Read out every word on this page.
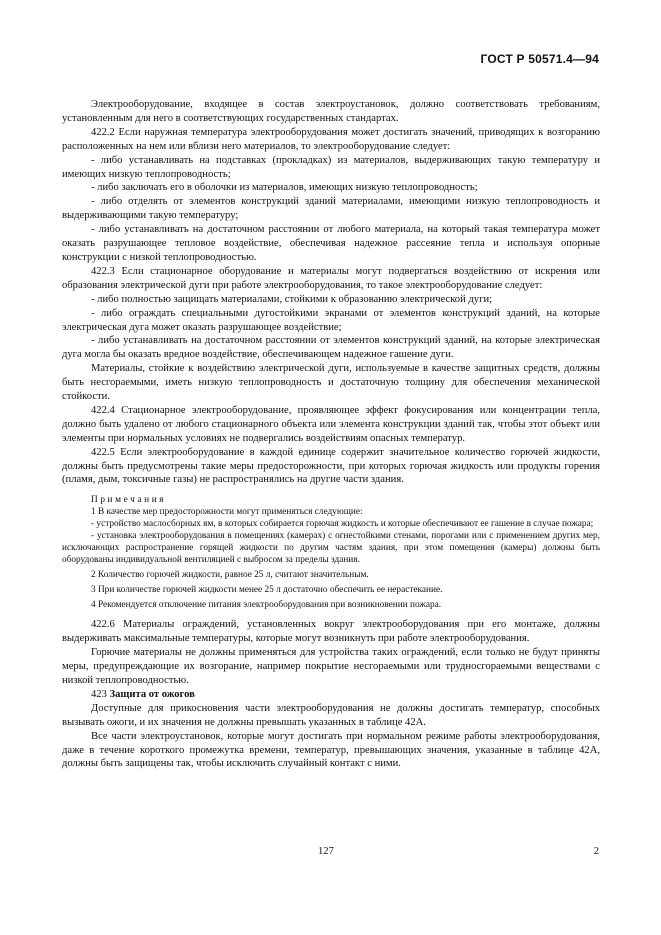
ГОСТ Р 50571.4—94

Электрооборудование, входящее в состав электроустановок, должно соответствовать требованиям, установленным для него в соответствующих государственных стандартах.

422.2 Если наружная температура электрооборудования может достигать значений, приводящих к возгоранию расположенных на нем или вблизи него материалов, то электрооборудование следует:

- либо устанавливать на подставках (прокладках) из материалов, выдерживающих такую температуру и имеющих низкую теплопроводность;

- либо заключать его в оболочки из материалов, имеющих низкую теплопроводность;

- либо отделять от элементов конструкций зданий материалами, имеющими низкую теплопроводность и выдерживающими такую температуру;

- либо устанавливать на достаточном расстоянии от любого материала, на который такая температура может оказать разрушающее тепловое воздействие, обеспечивая надежное рассеяние тепла и используя опорные конструкции с низкой теплопроводностью.

422.3 Если стационарное оборудование и материалы могут подвергаться воздействию от искрения или образования электрической дуги при работе электрооборудования, то такое электрооборудование следует:

- либо полностью защищать материалами, стойкими к образованию электрической дуги;

- либо ограждать специальными дугостойкими экранами от элементов конструкций зданий, на которые электрическая дуга может оказать разрушающее воздействие;

- либо устанавливать на достаточном расстоянии от элементов конструкций зданий, на которые электрическая дуга могла бы оказать вредное воздействие, обеспечивающем надежное гашение дуги.

Материалы, стойкие к воздействию электрической дуги, используемые в качестве защитных средств, должны быть несгораемыми, иметь низкую теплопроводность и достаточную толщину для обеспечения механической стойкости.

422.4 Стационарное электрооборудование, проявляющее эффект фокусирования или концентрации тепла, должно быть удалено от любого стационарного объекта или элемента конструкции зданий так, чтобы этот объект или элементы при нормальных условиях не подвергались воздействиям опасных температур.

422.5 Если электрооборудование в каждой единице содержит значительное количество горючей жидкости, должны быть предусмотрены такие меры предосторожности, при которых горючая жидкость или продукты горения (пламя, дым, токсичные газы) не распространялись на другие части здания.

Примечания

1 В качестве мер предосторожности могут применяться следующие:

- устройство маслосборных ям, в которых собирается горючая жидкость и которые обеспечивают ее гашение в случае пожара;

- установка электрооборудования в помещениях (камерах) с огнестойкими стенами, порогами или с применением других мер, исключающих распространение горящей жидкости по другим частям здания, при этом помещения (камеры) должны быть оборудованы индивидуальной вентиляцией с выбросом за пределы здания.

2 Количество горючей жидкости, равное 25 л, считают значительным.

3 При количестве горючей жидкости менее 25 л достаточно обеспечить ее нерастекание.

4 Рекомендуется отключение питания электрооборудования при возникновении пожара.

422.6 Материалы ограждений, установленных вокруг электрооборудования при его монтаже, должны выдерживать максимальные температуры, которые могут возникнуть при работе электрооборудования.

Горючие материалы не должны применяться для устройства таких ограждений, если только не будут приняты меры, предупреждающие их возгорание, например покрытие несгораемыми или трудносгораемыми веществами с низкой теплопроводностью.

423 Защита от ожогов

Доступные для прикосновения части электрооборудования не должны достигать температур, способных вызывать ожоги, и их значения не должны превышать указанных в таблице 42А.

Все части электроустановок, которые могут достигать при нормальном режиме работы электрооборудования, даже в течение короткого промежутка времени, температур, превышающих значения, указанные в таблице 42А, должны быть защищены так, чтобы исключить случайный контакт с ними.

127	2
